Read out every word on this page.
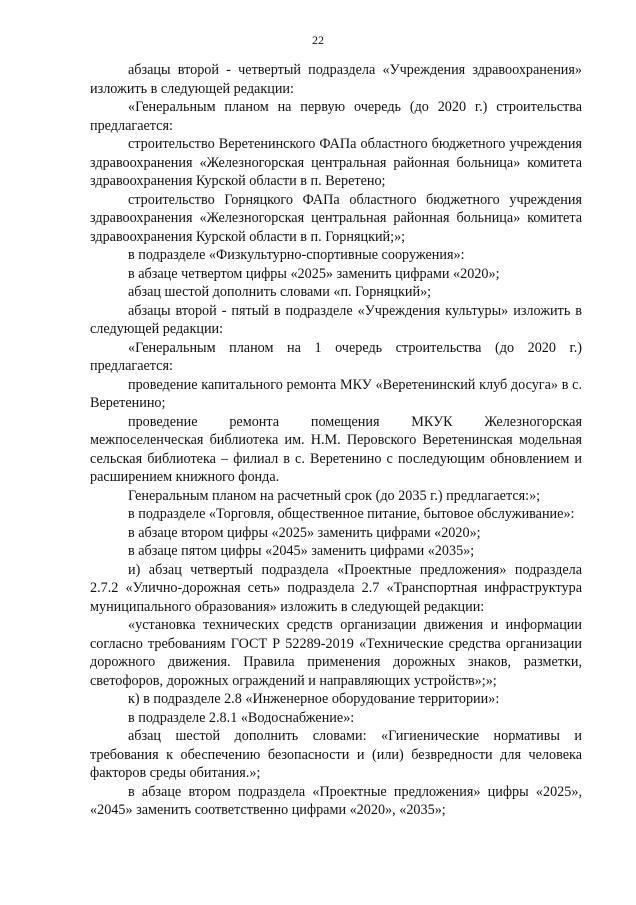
22

абзацы второй - четвертый подраздела «Учреждения здравоохранения» изложить в следующей редакции:

«Генеральным планом на первую очередь (до 2020 г.) строительства предлагается:

строительство Веретенинского ФАПа областного бюджетного учреждения здравоохранения «Железногорская центральная районная больница» комитета здравоохранения Курской области в п. Веретено;

строительство Горняцкого ФАПа областного бюджетного учреждения здравоохранения «Железногорская центральная районная больница» комитета здравоохранения Курской области в п. Горняцкий;»;

в подразделе «Физкультурно-спортивные сооружения»:

в абзаце четвертом цифры «2025» заменить цифрами «2020»;

абзац шестой дополнить словами «п. Горняцкий»;

абзацы второй - пятый в подразделе «Учреждения культуры» изложить в следующей редакции:

«Генеральным планом на 1 очередь строительства (до 2020 г.) предлагается:

проведение капитального ремонта МКУ «Веретенинский клуб досуга» в с. Веретенино;

проведение ремонта помещения МКУК Железногорская межпоселенческая библиотека им. Н.М. Перовского Веретенинская модельная сельская библиотека – филиал в с. Веретенино с последующим обновлением и расширением книжного фонда.

Генеральным планом на расчетный срок (до 2035 г.) предлагается:»;

в подразделе «Торговля, общественное питание, бытовое обслуживание»:

в абзаце втором цифры «2025» заменить цифрами «2020»;

в абзаце пятом цифры «2045» заменить цифрами «2035»;

и) абзац четвертый подраздела «Проектные предложения» подраздела 2.7.2 «Улично-дорожная сеть» подраздела 2.7 «Транспортная инфраструктура муниципального образования» изложить в следующей редакции:

«установка технических средств организации движения и информации согласно требованиям ГОСТ Р 52289-2019 «Технические средства организации дорожного движения. Правила применения дорожных знаков, разметки, светофоров, дорожных ограждений и направляющих устройств»;»;

к) в подразделе 2.8 «Инженерное оборудование территории»:

в подразделе 2.8.1 «Водоснабжение»:

абзац шестой дополнить словами: «Гигиенические нормативы и требования к обеспечению безопасности и (или) безвредности для человека факторов среды обитания.»;

в абзаце втором подраздела «Проектные предложения» цифры «2025», «2045» заменить соответственно цифрами «2020», «2035»;
